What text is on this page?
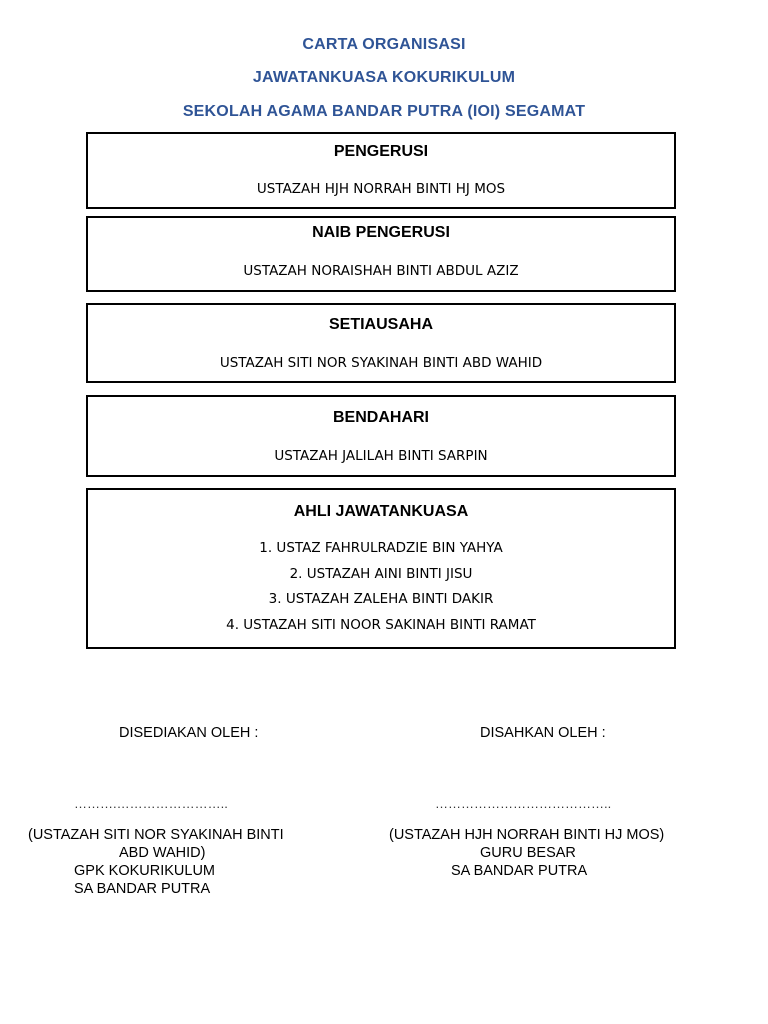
CARTA ORGANISASI
JAWATANKUASA KOKURIKULUM
SEKOLAH AGAMA BANDAR PUTRA (IOI) SEGAMAT
PENGERUSI
USTAZAH HJH NORRAH BINTI HJ MOS
NAIB PENGERUSI
USTAZAH NORAISHAH BINTI ABDUL AZIZ
SETIAUSAHA
USTAZAH SITI NOR SYAKINAH BINTI ABD WAHID
BENDAHARI
USTAZAH JALILAH BINTI SARPIN
AHLI JAWATANKUASA
1. USTAZ FAHRULRADZIE BIN YAHYA
2. USTAZAH AINI BINTI JISU
3. USTAZAH ZALEHA BINTI DAKIR
4. USTAZAH SITI NOOR SAKINAH BINTI RAMAT
DISEDIAKAN OLEH :
……….……………………..
(USTAZAH SITI NOR SYAKINAH BINTI
ABD WAHID)
GPK KOKURIKULUM
SA BANDAR PUTRA
DISAHKAN OLEH :
…………………………………..
(USTAZAH HJH NORRAH BINTI HJ MOS)
GURU BESAR
SA BANDAR PUTRA
